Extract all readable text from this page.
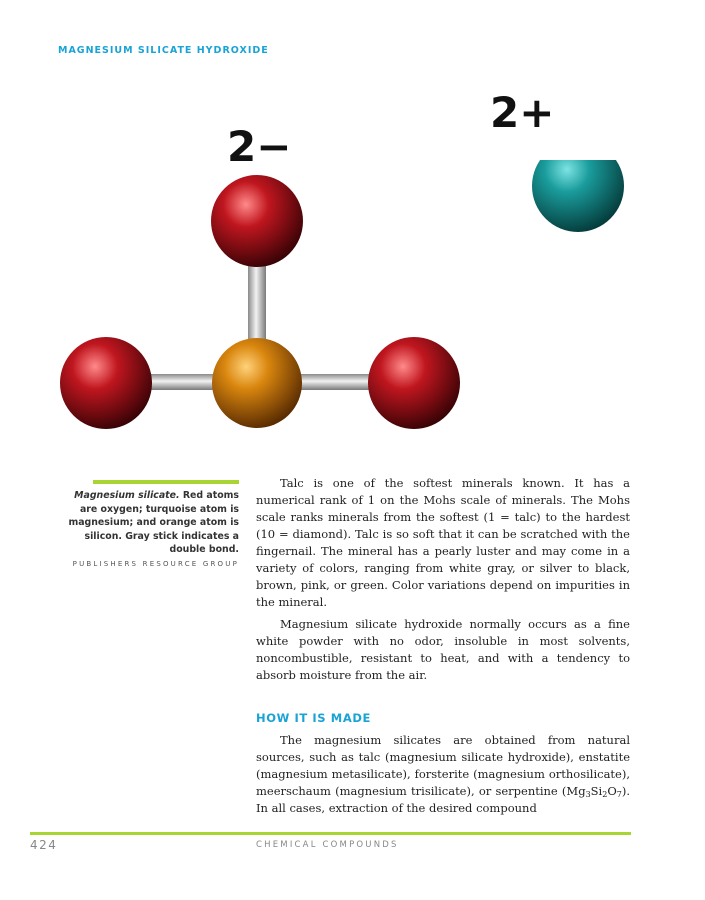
MAGNESIUM SILICATE HYDROXIDE
2−
2+
Magnesium silicate. Red atoms are oxygen; turquoise atom is magnesium; and orange atom is silicon. Gray stick indicates a double bond.
PUBLISHERS RESOURCE GROUP

Talc is one of the softest minerals known. It has a numerical rank of 1 on the Mohs scale of minerals. The Mohs scale ranks minerals from the softest (1 = talc) to the hardest (10 = diamond). Talc is so soft that it can be scratched with the fingernail. The mineral has a pearly luster and may come in a variety of colors, ranging from white gray, or silver to black, brown, pink, or green. Color variations depend on impurities in the mineral.

Magnesium silicate hydroxide normally occurs as a fine white powder with no odor, insoluble in most solvents, noncombustible, resistant to heat, and with a tendency to absorb moisture from the air.

HOW IT IS MADE

The magnesium silicates are obtained from natural sources, such as talc (magnesium silicate hydroxide), enstatite (magnesium metasilicate), forsterite (magnesium orthosilicate), meerschaum (magnesium trisilicate), or serpentine $(Mg_3Si_2O_7)$. In all cases, extraction of the desired compound

424	CHEMICAL COMPOUNDS
